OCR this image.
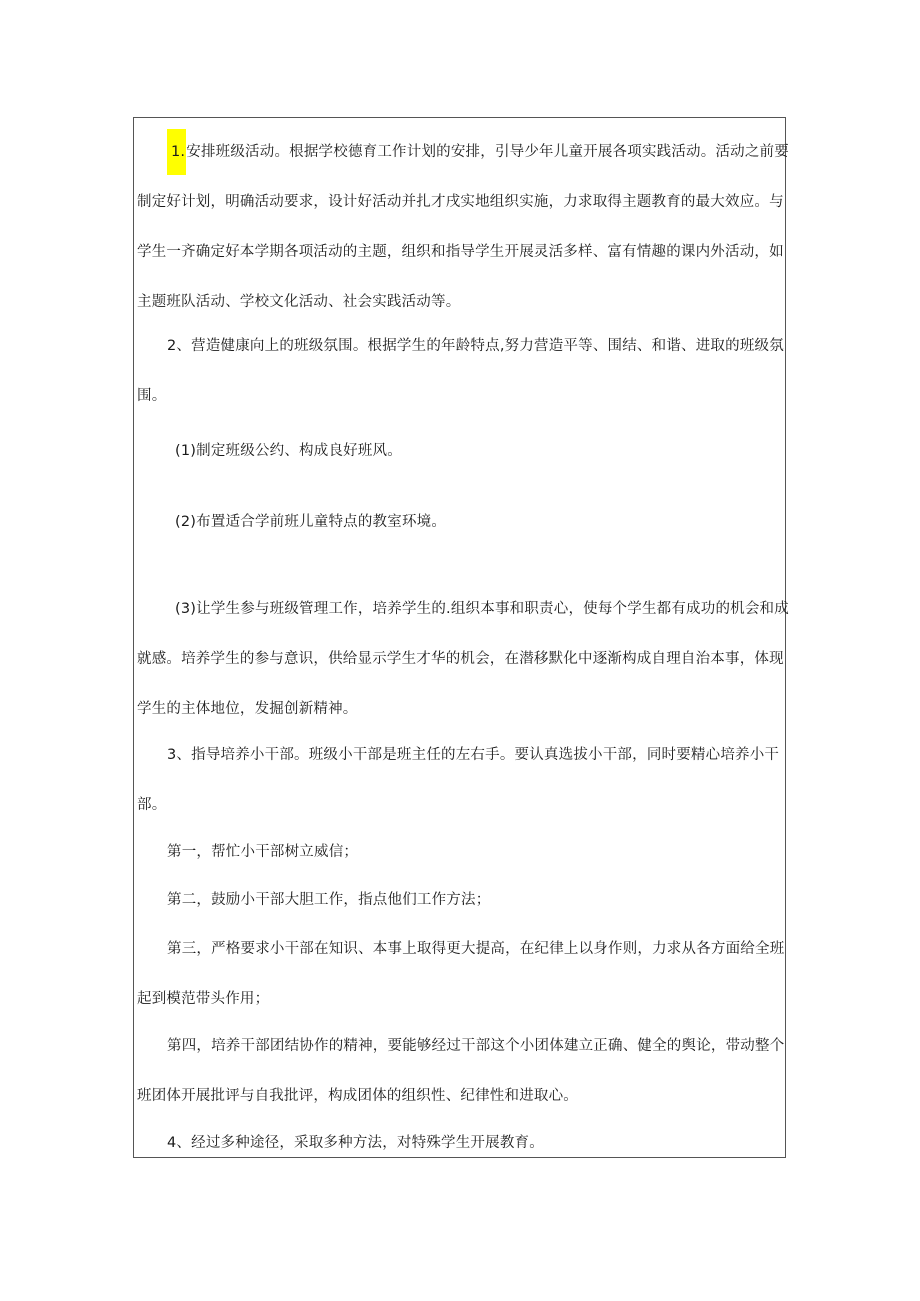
1.安排班级活动。根据学校德育工作计划的安排，引导少年儿童开展各项实践活动。活动之前要
制定好计划，明确活动要求，设计好活动并扎才戌实地组织实施，力求取得主题教育的最大效应。与
学生一齐确定好本学期各项活动的主题，组织和指导学生开展灵活多样、富有情趣的课内外活动，如
主题班队活动、学校文化活动、社会实践活动等。
2、营造健康向上的班级氛围。根据学生的年龄特点,努力营造平等、围结、和谐、进取的班级氛
围。
(1)制定班级公约、构成良好班风。
(2)布置适合学前班儿童特点的教室环境。
(3)让学生参与班级管理工作，培养学生的.组织本事和职责心，使每个学生都有成功的机会和成
就感。培养学生的参与意识，供给显示学生才华的机会，在潜移默化中逐渐构成自理自治本事，体现
学生的主体地位，发掘创新精神。
3、指导培养小干部。班级小干部是班主任的左右手。要认真选拔小干部，同时要精心培养小干
部。
第一，帮忙小干部树立威信；
第二，鼓励小干部大胆工作，指点他们工作方法；
第三，严格要求小干部在知识、本事上取得更大提高，在纪律上以身作则，力求从各方面给全班
起到模范带头作用；
第四，培养干部团结协作的精神，要能够经过干部这个小团体建立正确、健全的舆论，带动整个
班团体开展批评与自我批评，构成团体的组织性、纪律性和进取心。
4、经过多种途径，采取多种方法，对特殊学生开展教育。
